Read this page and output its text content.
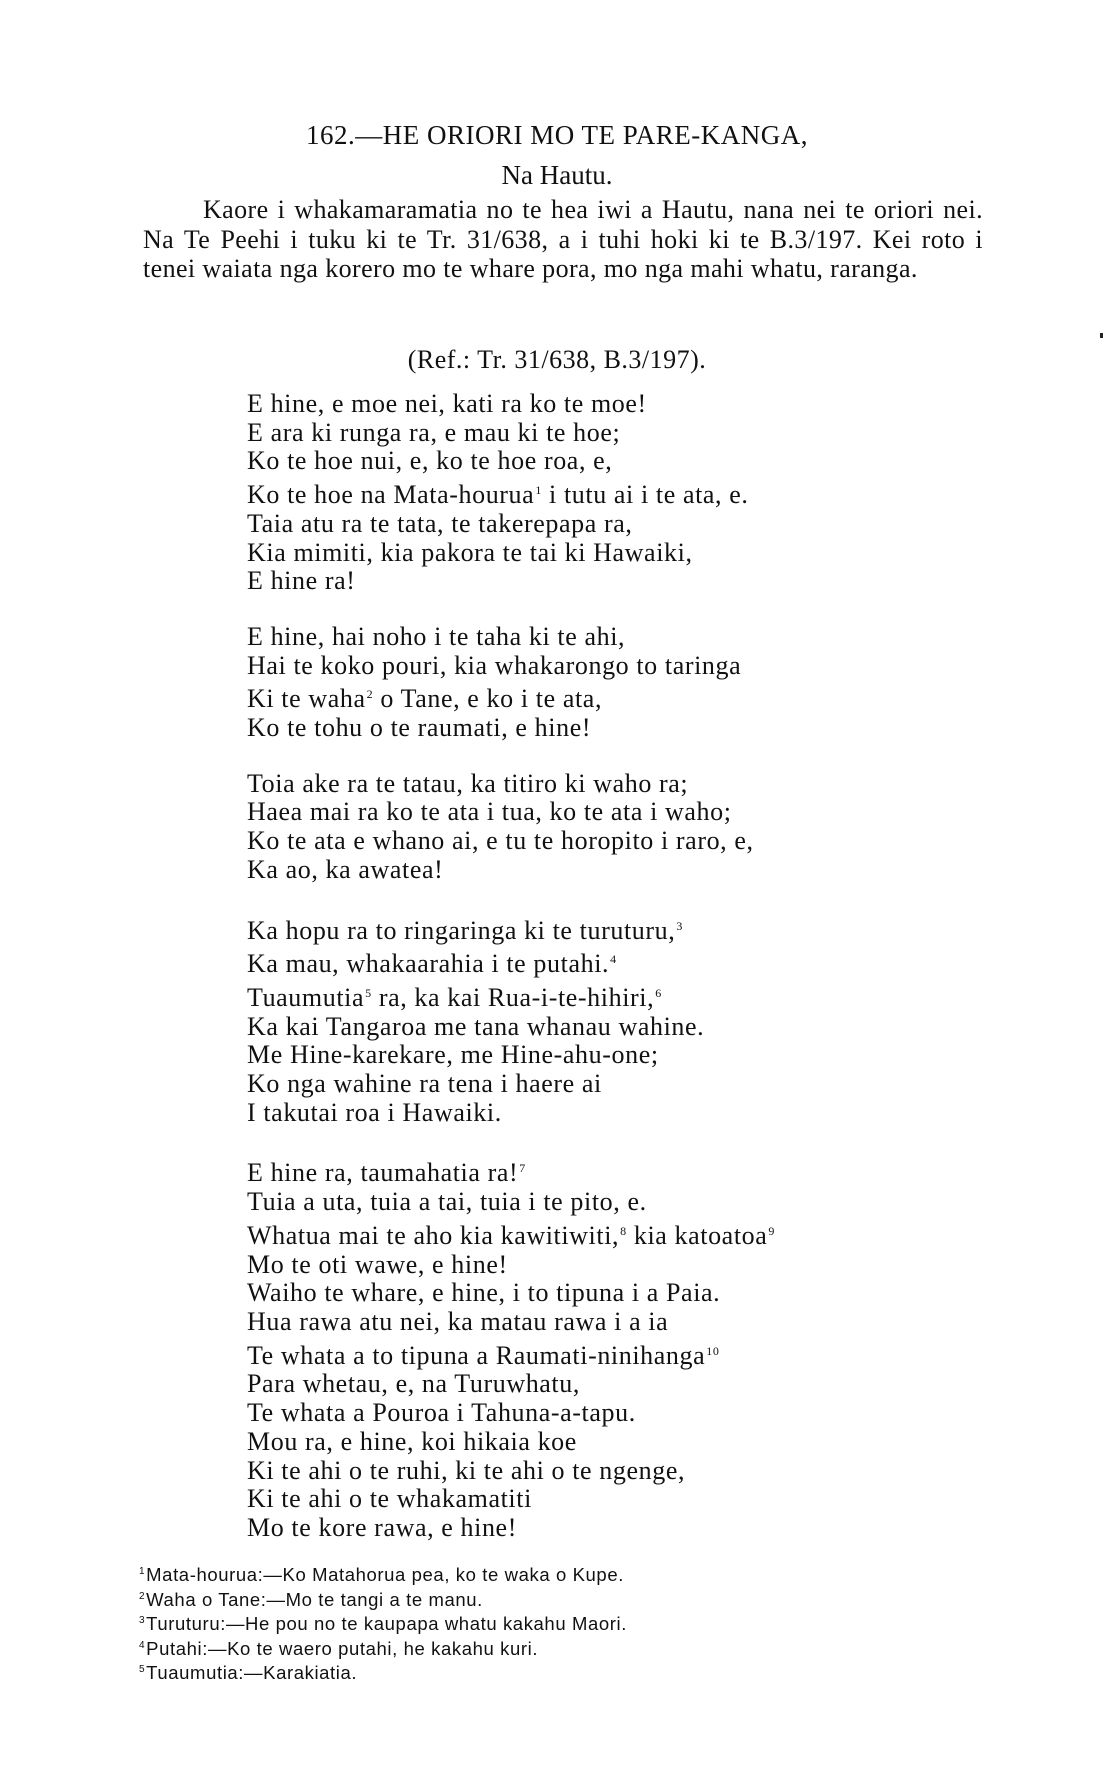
162.—HE ORIORI MO TE PARE-KANGA,
Na Hautu.

Kaore i whakamaramatia no te hea iwi a Hautu, nana nei te oriori nei. Na Te Peehi i tuku ki te Tr. 31/638, a i tuhi hoki ki te B.3/197. Kei roto i tenei waiata nga korero mo te whare pora, mo nga mahi whatu, raranga.

(Ref.: Tr. 31/638, B.3/197).
E hine, e moe nei, kati ra ko te moe!
E ara ki runga ra, e mau ki te hoe;
Ko te hoe nui, e, ko te hoe roa, e,
Ko te hoe na Mata-hourua$^1$ i tutu ai i te ata, e.
Taia atu ra te tata, te takerepapa ra,
Kia mimiti, kia pakora te tai ki Hawaiki,
E hine ra!
E hine, hai noho i te taha ki te ahi,
Hai te koko pouri, kia whakarongo to taringa
Ki te waha$^2$ o Tane, e ko i te ata,
Ko te tohu o te raumati, e hine!
Toia ake ra te tatau, ka titiro ki waho ra;
Haea mai ra ko te ata i tua, ko te ata i waho;
Ko te ata e whano ai, e tu te horopito i raro, e,
Ka ao, ka awatea!
Ka hopu ra to ringaringa ki te turuturu,$^3$
Ka mau, whakaarahia i te putahi.$^4$
Tuaumutia$^5$ ra, ka kai Rua-i-te-hihiri,$^6$
Ka kai Tangaroa me tana whanau wahine.
Me Hine-karekare, me Hine-ahu-one;
Ko nga wahine ra tena i haere ai
I takutai roa i Hawaiki.
E hine ra, taumahatia ra!$^7$
Tuia a uta, tuia a tai, tuia i te pito, e.
Whatua mai te aho kia kawitiwiti,$^8$ kia katoatoa$^9$
Mo te oti wawe, e hine!
Waiho te whare, e hine, i to tipuna i a Paia.
Hua rawa atu nei, ka matau rawa i a ia
Te whata a to tipuna a Raumati-ninihanga$^{10}$
Para whetau, e, na Turuwhatu,
Te whata a Pouroa i Tahuna-a-tapu.
Mou ra, e hine, koi hikaia koe
Ki te ahi o te ruhi, ki te ahi o te ngenge,
Ki te ahi o te whakamatiti
Mo te kore rawa, e hine!
$^1$Mata-hourua:—Ko Matahorua pea, ko te waka o Kupe.
$^2$Waha o Tane:—Mo te tangi a te manu.
$^3$Turuturu:—He pou no te kaupapa whatu kakahu Maori.
$^4$Putahi:—Ko te waero putahi, he kakahu kuri.
$^5$Tuaumutia:—Karakiatia.
